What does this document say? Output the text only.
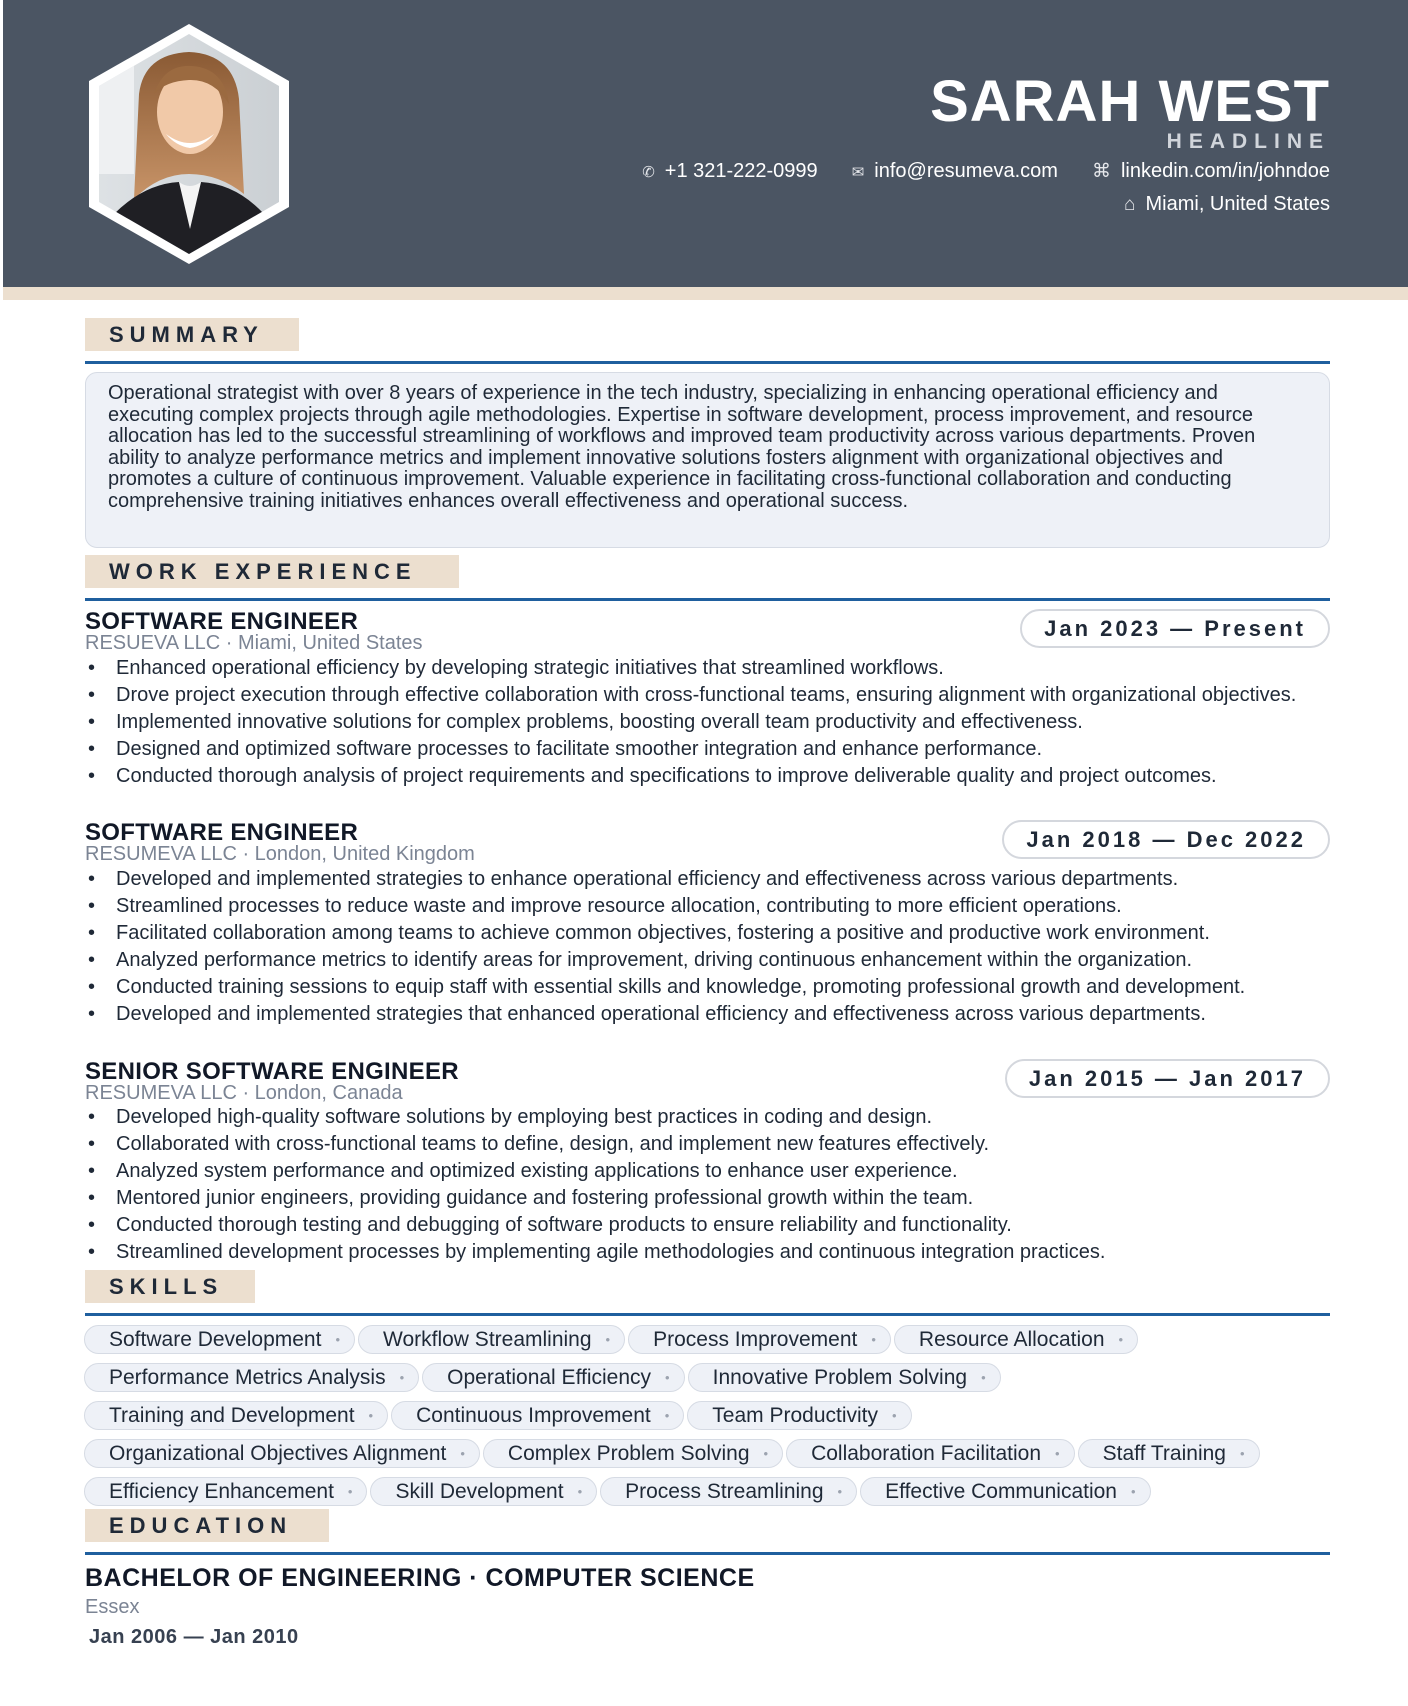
SARAH WEST
HEADLINE
✆ +1 321-222-0999 ✉ info@resumeva.com ⌘ linkedin.com/in/johndoe
⌂ Miami, United States
SUMMARY

Operational strategist with over 8 years of experience in the tech industry, specializing in enhancing operational efficiency and executing complex projects through agile methodologies. Expertise in software development, process improvement, and resource allocation has led to the successful streamlining of workflows and improved team productivity across various departments. Proven ability to analyze performance metrics and implement innovative solutions fosters alignment with organizational objectives and promotes a culture of continuous improvement. Valuable experience in facilitating cross-functional collaboration and conducting comprehensive training initiatives enhances overall effectiveness and operational success.

WORK EXPERIENCE
SOFTWARE ENGINEER
RESUEVA LLC · Miami, United States
Jan 2023 — Present
• Enhanced operational efficiency by developing strategic initiatives that streamlined workflows.
• Drove project execution through effective collaboration with cross-functional teams, ensuring alignment with organizational objectives.
• Implemented innovative solutions for complex problems, boosting overall team productivity and effectiveness.
• Designed and optimized software processes to facilitate smoother integration and enhance performance.
• Conducted thorough analysis of project requirements and specifications to improve deliverable quality and project outcomes.
SOFTWARE ENGINEER
RESUMEVA LLC · London, United Kingdom
Jan 2018 — Dec 2022
• Developed and implemented strategies to enhance operational efficiency and effectiveness across various departments.
• Streamlined processes to reduce waste and improve resource allocation, contributing to more efficient operations.
• Facilitated collaboration among teams to achieve common objectives, fostering a positive and productive work environment.
• Analyzed performance metrics to identify areas for improvement, driving continuous enhancement within the organization.
• Conducted training sessions to equip staff with essential skills and knowledge, promoting professional growth and development.
• Developed and implemented strategies that enhanced operational efficiency and effectiveness across various departments.
SENIOR SOFTWARE ENGINEER
RESUMEVA LLC · London, Canada
Jan 2015 — Jan 2017
• Developed high-quality software solutions by employing best practices in coding and design.
• Collaborated with cross-functional teams to define, design, and implement new features effectively.
• Analyzed system performance and optimized existing applications to enhance user experience.
• Mentored junior engineers, providing guidance and fostering professional growth within the team.
• Conducted thorough testing and debugging of software products to ensure reliability and functionality.
• Streamlined development processes by implementing agile methodologies and continuous integration practices.
SKILLS
Software Development • Workflow Streamlining • Process Improvement • Resource Allocation •
Performance Metrics Analysis • Operational Efficiency • Innovative Problem Solving •
Training and Development • Continuous Improvement • Team Productivity •
Organizational Objectives Alignment • Complex Problem Solving • Collaboration Facilitation • Staff Training •
Efficiency Enhancement • Skill Development • Process Streamlining • Effective Communication •
EDUCATION
BACHELOR OF ENGINEERING · COMPUTER SCIENCE
Essex
Jan 2006 — Jan 2010
